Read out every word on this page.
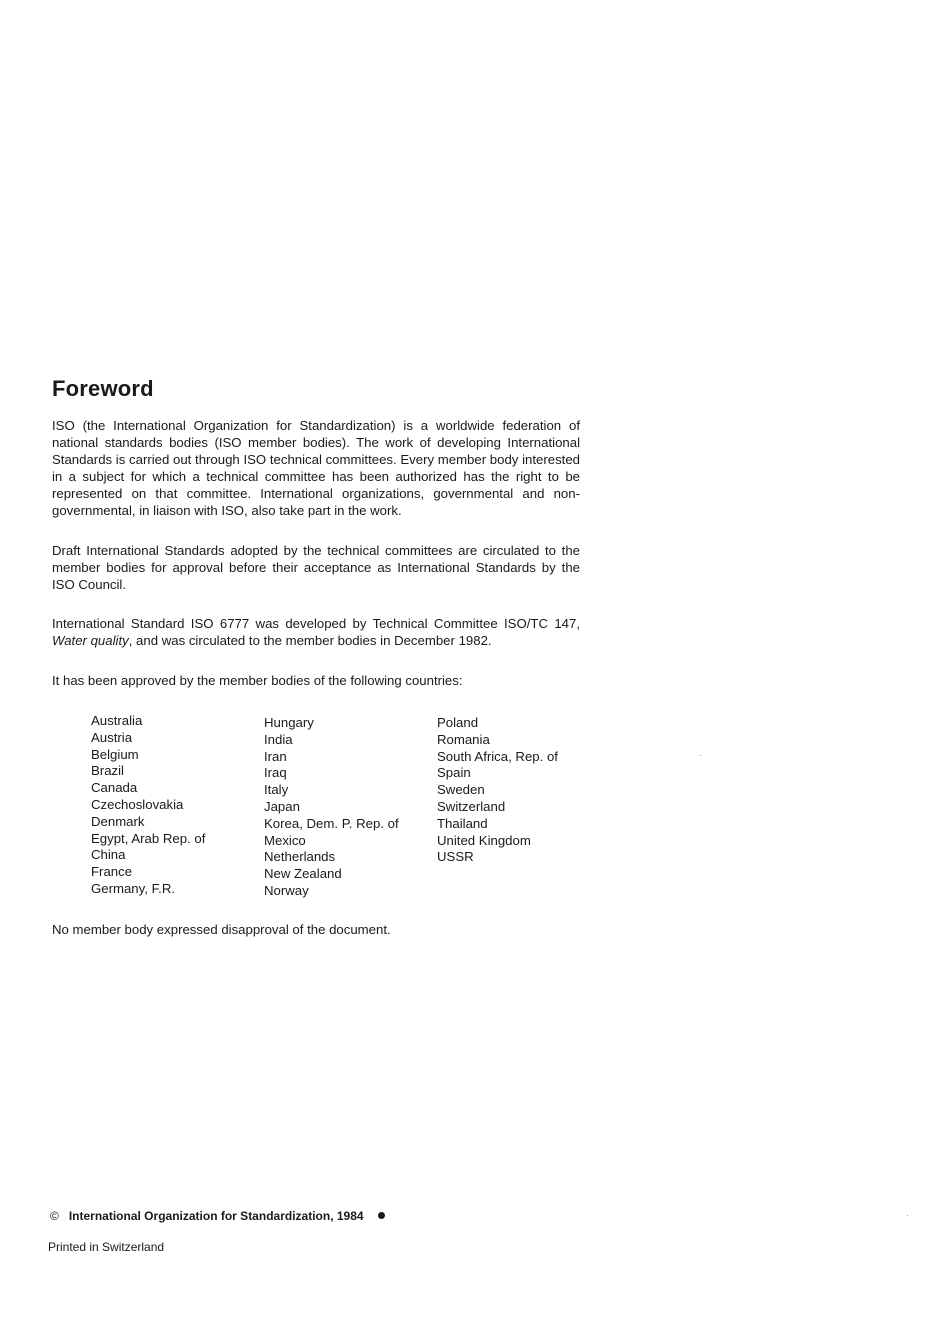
Foreword

ISO (the International Organization for Standardization) is a worldwide federation of national standards bodies (ISO member bodies). The work of developing International Standards is carried out through ISO technical committees. Every member body interested in a subject for which a technical committee has been authorized has the right to be represented on that committee. International organizations, governmental and non-governmental, in liaison with ISO, also take part in the work.

Draft International Standards adopted by the technical committees are circulated to the member bodies for approval before their acceptance as International Standards by the ISO Council.

International Standard ISO 6777 was developed by Technical Committee ISO/TC 147, Water quality, and was circulated to the member bodies in December 1982.

It has been approved by the member bodies of the following countries:

Australia
Austria
Belgium
Brazil
Canada
Czechoslovakia
Denmark
Egypt, Arab Rep. of
China
France
Germany, F.R.
Hungary
India
Iran
Iraq
Italy
Japan
Korea, Dem. P. Rep. of
Mexico
Netherlands
New Zealand
Norway
Poland
Romania
South Africa, Rep. of
Spain
Sweden
Switzerland
Thailand
United Kingdom
USSR

No member body expressed disapproval of the document.

© International Organization for Standardization, 1984
Printed in Switzerland
